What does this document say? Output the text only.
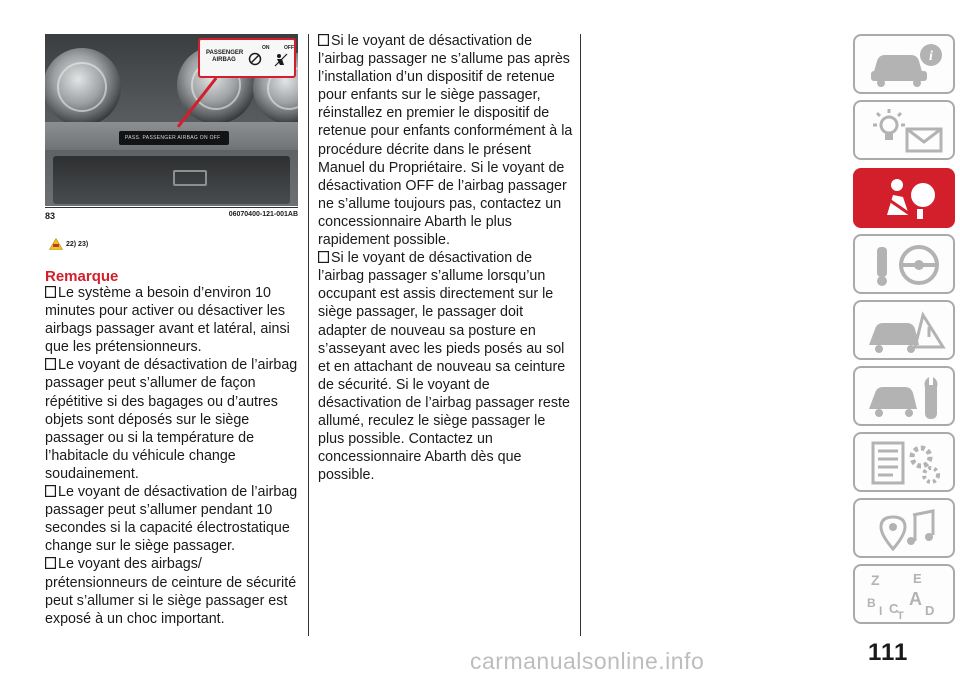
PASS. PASSENGER AIRBAG ON OFF
PASSENGER
AIRBAG
ON	OFF
83	06070400-121-001AB
22) 23)
Remarque
Le système a besoin d’environ 10 minutes pour activer ou désactiver les airbags passager avant et latéral, ainsi que les prétensionneurs.
Le voyant de désactivation de l’airbag passager peut s’allumer de façon répétitive si des bagages ou d’autres objets sont déposés sur le siège passager ou si la température de l’habitacle du véhicule change soudainement.
Le voyant de désactivation de l’airbag passager peut s’allumer pendant 10 secondes si la capacité électrostatique change sur le siège passager.
Le voyant des airbags/ prétensionneurs de ceinture de sécurité peut s’allumer si le siège passager est exposé à un choc important.
Si le voyant de désactivation de l’airbag passager ne s’allume pas après l’installation d’un dispositif de retenue pour enfants sur le siège passager, réinstallez en premier le dispositif de retenue pour enfants conformément à la procédure décrite dans le présent Manuel du Propriétaire. Si le voyant de désactivation OFF de l’airbag passager ne s’allume toujours pas, contactez un concessionnaire Abarth le plus rapidement possible.
Si le voyant de désactivation de l’airbag passager s’allume lorsqu’un occupant est assis directement sur le siège passager, le passager doit adapter de nouveau sa posture en s’asseyant avec les pieds posés au sol et en attachant de nouveau sa ceinture de sécurité. Si le voyant de désactivation de l’airbag passager reste allumé, reculez le siège passager le plus possible. Contactez un concessionnaire Abarth dès que possible.
i
Z	E
B
I C A
D
T
111
carmanualsonline.info
